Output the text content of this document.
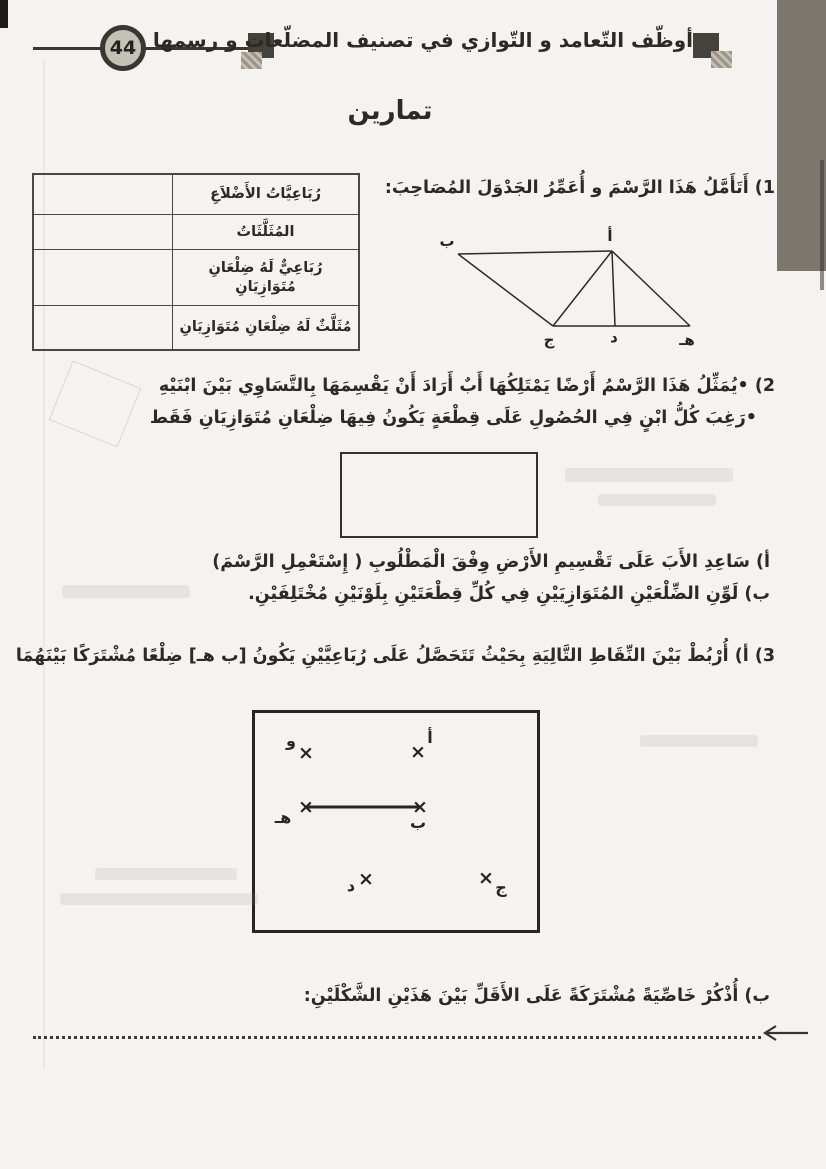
44 أوظّف التّعامد و التّوازي في تصنيف المضلّعات و رسمها
تمارين
1) أَتَأَمَّلُ هَذَا الرَّسْمَ و أُعَمِّرُ الجَدْوَلَ المُصَاحِبَ:
رُبَاعِيَّاتُ الأَضْلاَعِ
المُثَلَّثَاتُ
رُبَاعِيٌّ لَهُ ضِلْعَانِ مُتَوَازِيَانِ
مُثَلَّثٌ لَهُ ضِلْعَانِ مُتَوَازِيَانِ
أ
ب
ج	د	هـ
2) •يُمَثِّلُ هَذَا الرَّسْمُ أَرْضًا يَمْتَلِكُهَا أَبٌ أَرَادَ أَنْ يَقْسِمَهَا بِالتَّسَاوِي بَيْنَ ابْنَيْهِ
•رَغِبَ كُلُّ ابْنٍ فِي الحُصُولِ عَلَى قِطْعَةٍ يَكُونُ فِيهَا ضِلْعَانِ مُتَوَازِيَانِ فَقَط
أ) سَاعِدِ الأَبَ عَلَى تَقْسِيمِ الأَرْضِ وِفْقَ الْمَطْلُوبِ ( إِسْتَعْمِلِ الرَّسْمَ)
ب) لَوِّنِ الضِّلْعَيْنِ المُتَوَازِيَيْنِ فِي كُلِّ قِطْعَتَيْنِ بِلَوْنَيْنِ مُخْتَلِفَيْنِ.
3) أ) أُرْبُطْ بَيْنَ النِّقَاطِ التَّالِيَةِ بِحَيْثُ تَتَحَصَّلُ عَلَى رُبَاعِيَّيْنِ يَكُونُ [ب هـ] ضِلْعًا مُشْتَرَكًا بَيْنَهُمَا
×	×
×	×
×	×
و	أ
هـ	ب
د	ج
ب) أُذْكُرْ خَاصِّيَةً مُشْتَرَكَةً عَلَى الأَقَلِّ بَيْنَ هَذَيْنِ الشَّكْلَيْنِ:
